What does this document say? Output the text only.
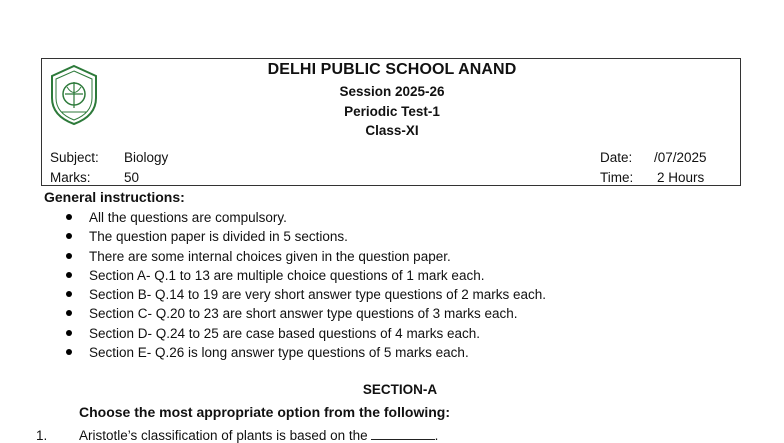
DELHI PUBLIC SCHOOL ANAND
Session 2025-26
Periodic Test-1
Class-XI
Subject: Biology
Marks: 50
Date: /07/2025
Time: 2 Hours
General instructions:
All the questions are compulsory.
The question paper is divided in 5 sections.
There are some internal choices given in the question paper.
Section A- Q.1 to 13 are multiple choice questions of 1 mark each.
Section B- Q.14 to 19 are very short answer type questions of 2 marks each.
Section C- Q.20 to 23 are short answer type questions of 3 marks each.
Section D- Q.24 to 25 are case based questions of 4 marks each.
Section E- Q.26 is long answer type questions of 5 marks each.
SECTION-A
Choose the most appropriate option from the following:
1. Aristotle’s classification of plants is based on the	.
